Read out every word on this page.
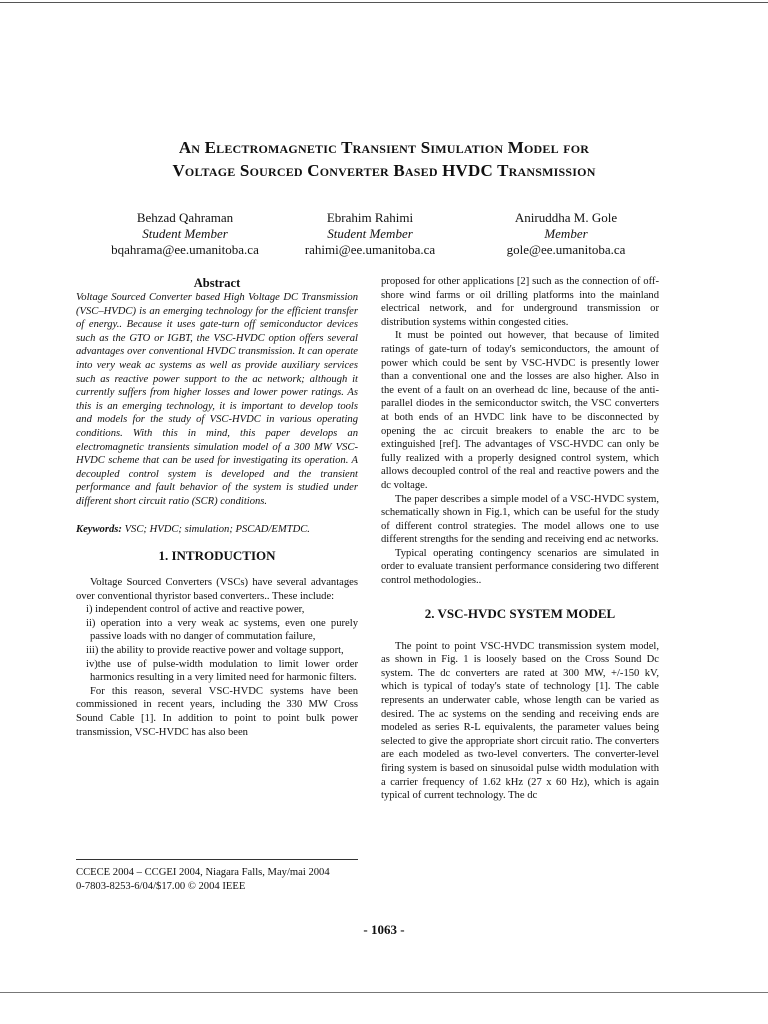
An Electromagnetic Transient Simulation Model for
Voltage Sourced Converter Based HVDC Transmission
Behzad Qahraman
Student Member
bqahrama@ee.umanitoba.ca
Ebrahim Rahimi
Student Member
rahimi@ee.umanitoba.ca
Aniruddha M. Gole
Member
gole@ee.umanitoba.ca

Abstract

Voltage Sourced Converter based High Voltage DC Transmission (VSC–HVDC) is an emerging technology for the efficient transfer of energy.. Because it uses gate-turn off semiconductor devices such as the GTO or IGBT, the VSC-HVDC option offers several advantages over conventional HVDC transmission. It can operate into very weak ac systems as well as provide auxiliary services such as reactive power support to the ac network; although it currently suffers from higher losses and lower power ratings. As this is an emerging technology, it is important to develop tools and models for the study of VSC-HVDC in various operating conditions. With this in mind, this paper develops an electromagnetic transients simulation model of a 300 MW VSC-HVDC scheme that can be used for investigating its operation. A decoupled control system is developed and the transient performance and fault behavior of the system is studied under different short circuit ratio (SCR) conditions.

Keywords: VSC; HVDC; simulation; PSCAD/EMTDC.

1. INTRODUCTION

Voltage Sourced Converters (VSCs) have several advantages over conventional thyristor based converters.. These include:

i) independent control of active and reactive power,

ii) operation into a very weak ac systems, even one purely passive loads with no danger of commutation failure,

iii) the ability to provide reactive power and voltage support,

iv)the use of pulse-width modulation to limit lower order harmonics resulting in a very limited need for harmonic filters.

For this reason, several VSC-HVDC systems have been commissioned in recent years, including the 330 MW Cross Sound Cable [1]. In addition to point to point bulk power transmission, VSC-HVDC has also been

proposed for other applications [2] such as the connection of off-shore wind farms or oil drilling platforms into the mainland electrical network, and for underground transmission or distribution systems within congested cities.

It must be pointed out however, that because of limited ratings of gate-turn of today's semiconductors, the amount of power which could be sent by VSC-HVDC is presently lower than a conventional one and the losses are also higher. Also in the event of a fault on an overhead dc line, because of the anti-parallel diodes in the semiconductor switch, the VSC converters at both ends of an HVDC link have to be disconnected by opening the ac circuit breakers to enable the arc to be extinguished [ref]. The advantages of VSC-HVDC can only be fully realized with a properly designed control system, which allows decoupled control of the real and reactive powers and the dc voltage.

The paper describes a simple model of a VSC-HVDC system, schematically shown in Fig.1, which can be useful for the study of different control strategies. The model allows one to use different strengths for the sending and receiving end ac networks.

Typical operating contingency scenarios are simulated in order to evaluate transient performance considering two different control methodologies..

2. VSC-HVDC SYSTEM MODEL

The point to point VSC-HVDC transmission system model, as shown in Fig. 1 is loosely based on the Cross Sound Dc system. The dc converters are rated at 300 MW, +/-150 kV, which is typical of today's state of technology [1]. The cable represents an underwater cable, whose length can be varied as desired. The ac systems on the sending and receiving ends are modeled as series R-L equivalents, the parameter values being selected to give the appropriate short circuit ratio. The converters are each modeled as two-level converters. The converter-level firing system is based on sinusoidal pulse width modulation with a carrier frequency of 1.62 kHz (27 x 60 Hz), which is again typical of current technology. The dc

CCECE 2004 – CCGEI 2004, Niagara Falls, May/mai 2004
0-7803-8253-6/04/$17.00 © 2004 IEEE
- 1063 -
